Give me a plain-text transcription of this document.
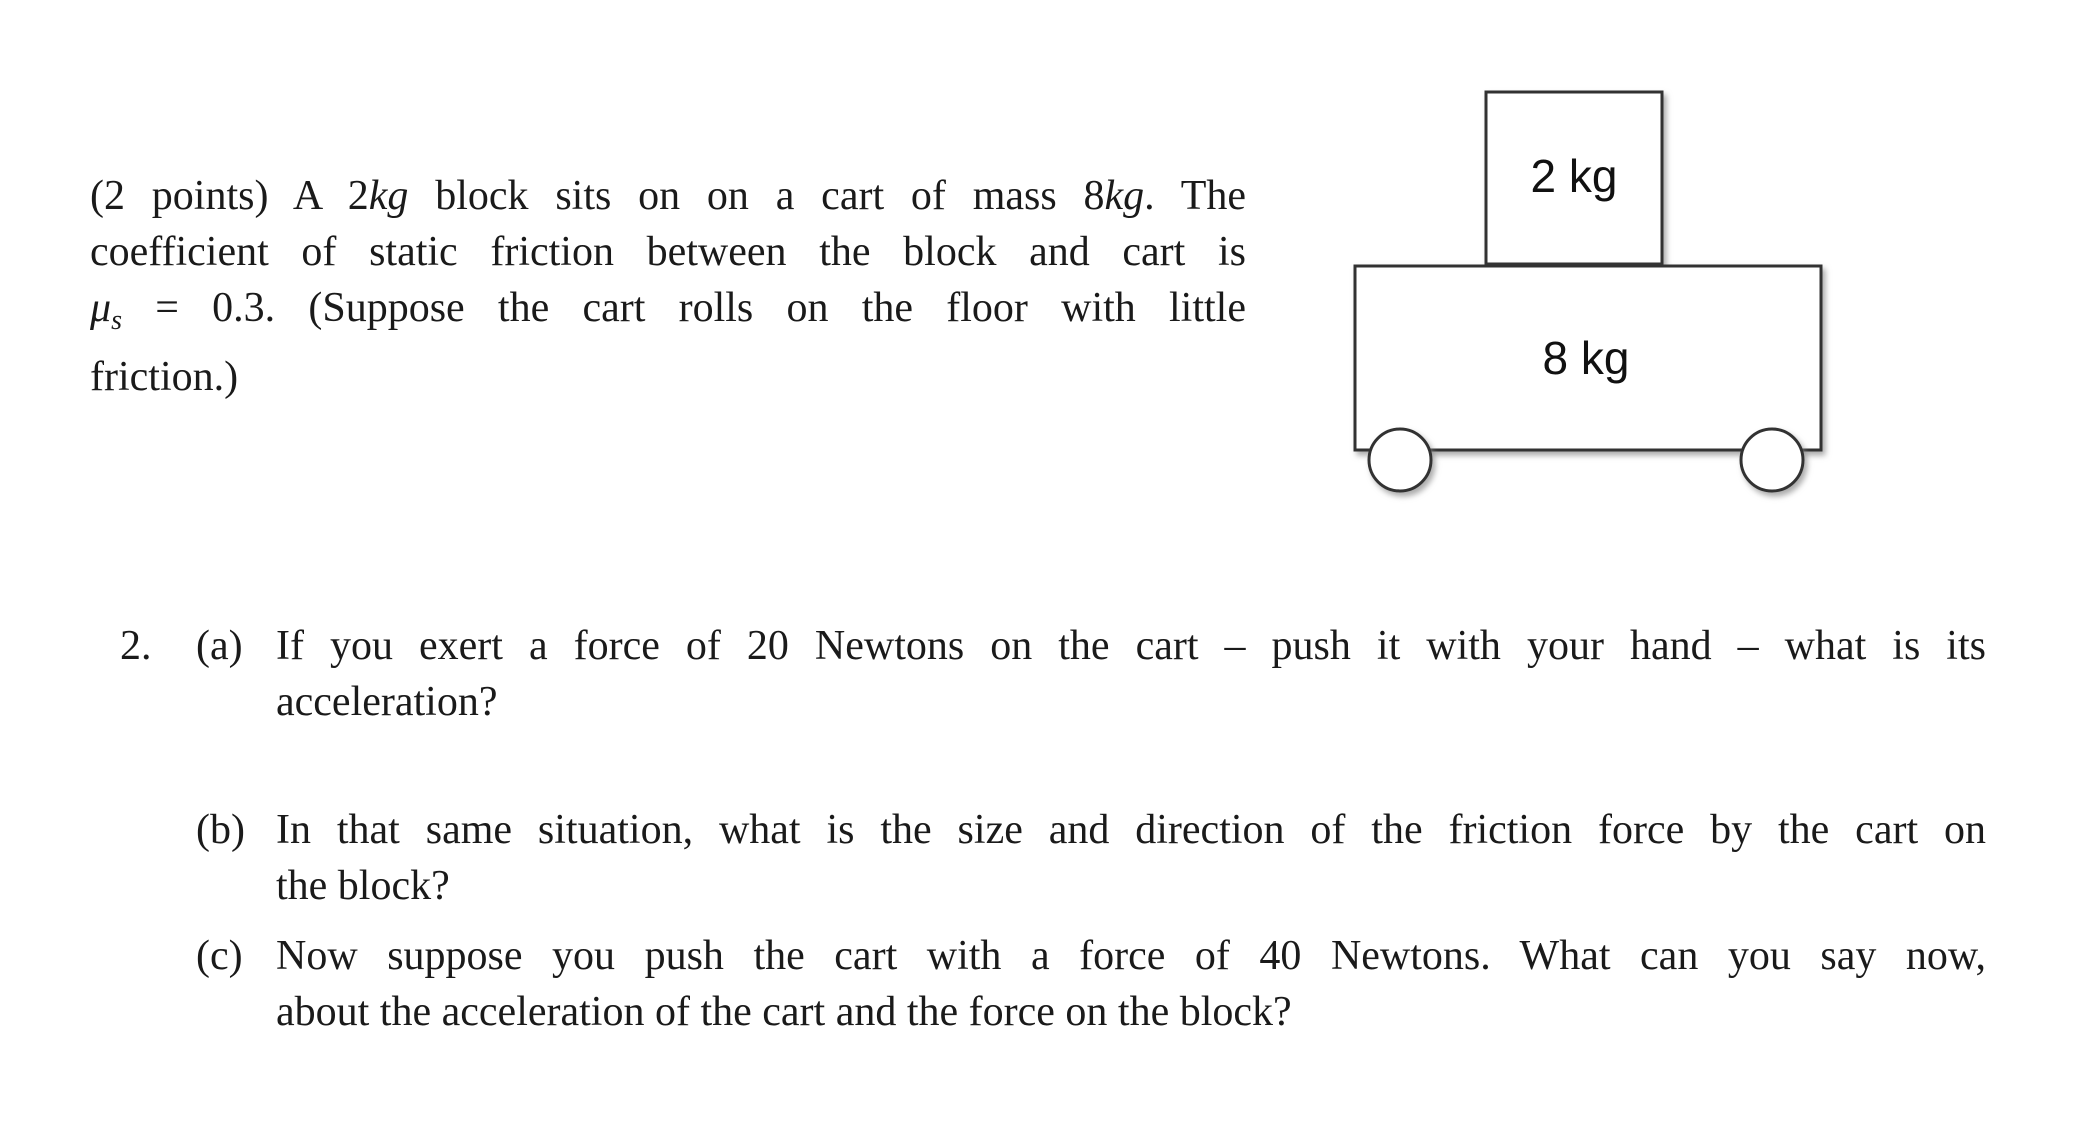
(2 points) A 2kg block sits on on a cart of mass 8kg. The
coefficient of static friction between the block and cart is
$\mu_s = 0.3$. (Suppose the cart rolls on the floor with little
friction.)
2 kg
8 kg
2. (a) If you exert a force of 20 Newtons on the cart – push it with your hand – what is its
acceleration?
(b) In that same situation, what is the size and direction of the friction force by the cart on
the block?
(c) Now suppose you push the cart with a force of 40 Newtons. What can you say now,
about the acceleration of the cart and the force on the block?
